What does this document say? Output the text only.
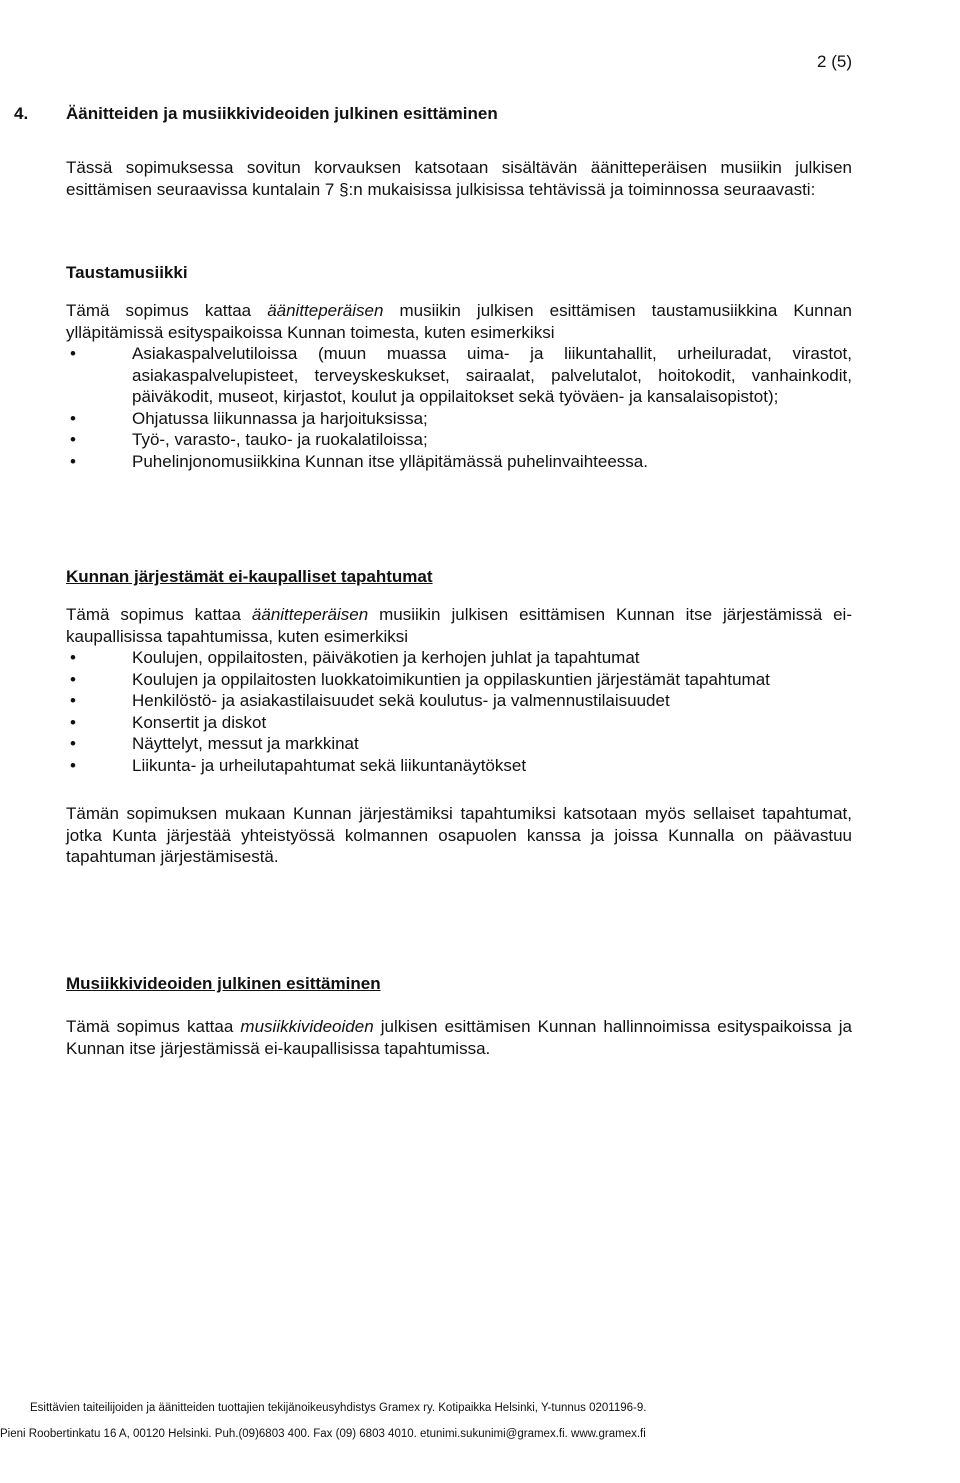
2 (5)
4. Äänitteiden ja musiikkivideoiden julkinen esittäminen

Tässä sopimuksessa sovitun korvauksen katsotaan sisältävän äänitteperäisen musiikin julkisen esittämisen seuraavissa kuntalain 7 §:n mukaisissa julkisissa tehtävissä ja toiminnossa seuraavasti:

Taustamusiikki

Tämä sopimus kattaa äänitteperäisen musiikin julkisen esittämisen taustamusiikkina Kunnan ylläpitämissä esityspaikoissa Kunnan toimesta, kuten esimerkiksi

• Asiakaspalvelutiloissa (muun muassa uima- ja liikuntahallit, urheiluradat, virastot, asiakaspalvelupisteet, terveyskeskukset, sairaalat, palvelutalot, hoitokodit, vanhainkodit, päiväkodit, museot, kirjastot, koulut ja oppilaitokset sekä työväen- ja kansalaisopistot);
• Ohjatussa liikunnassa ja harjoituksissa;
• Työ-, varasto-, tauko- ja ruokalatiloissa;
• Puhelinjonomusiikkina Kunnan itse ylläpitämässä puhelinvaihteessa.
Kunnan järjestämät ei-kaupalliset tapahtumat

Tämä sopimus kattaa äänitteperäisen musiikin julkisen esittämisen Kunnan itse järjestämissä ei-kaupallisissa tapahtumissa, kuten esimerkiksi

• Koulujen, oppilaitosten, päiväkotien ja kerhojen juhlat ja tapahtumat
• Koulujen ja oppilaitosten luokkatoimikuntien ja oppilaskuntien järjestämät tapahtumat
• Henkilöstö- ja asiakastilaisuudet sekä koulutus- ja valmennustilaisuudet
• Konsertit ja diskot
• Näyttelyt, messut ja markkinat
• Liikunta- ja urheilutapahtumat sekä liikuntanäytökset

Tämän sopimuksen mukaan Kunnan järjestämiksi tapahtumiksi katsotaan myös sellaiset tapahtumat, jotka Kunta järjestää yhteistyössä kolmannen osapuolen kanssa ja joissa Kunnalla on päävastuu tapahtuman järjestämisestä.

Musiikkivideoiden julkinen esittäminen

Tämä sopimus kattaa musiikkivideoiden julkisen esittämisen Kunnan hallinnoimissa esityspaikoissa ja Kunnan itse järjestämissä ei-kaupallisissa tapahtumissa.

Esittävien taiteilijoiden ja äänitteiden tuottajien tekijänoikeusyhdistys Gramex ry. Kotipaikka Helsinki, Y-tunnus 0201196-9.
Pieni Roobertinkatu 16 A, 00120 Helsinki. Puh.(09)6803 400. Fax (09) 6803 4010. etunimi.sukunimi@gramex.fi. www.gramex.fi
